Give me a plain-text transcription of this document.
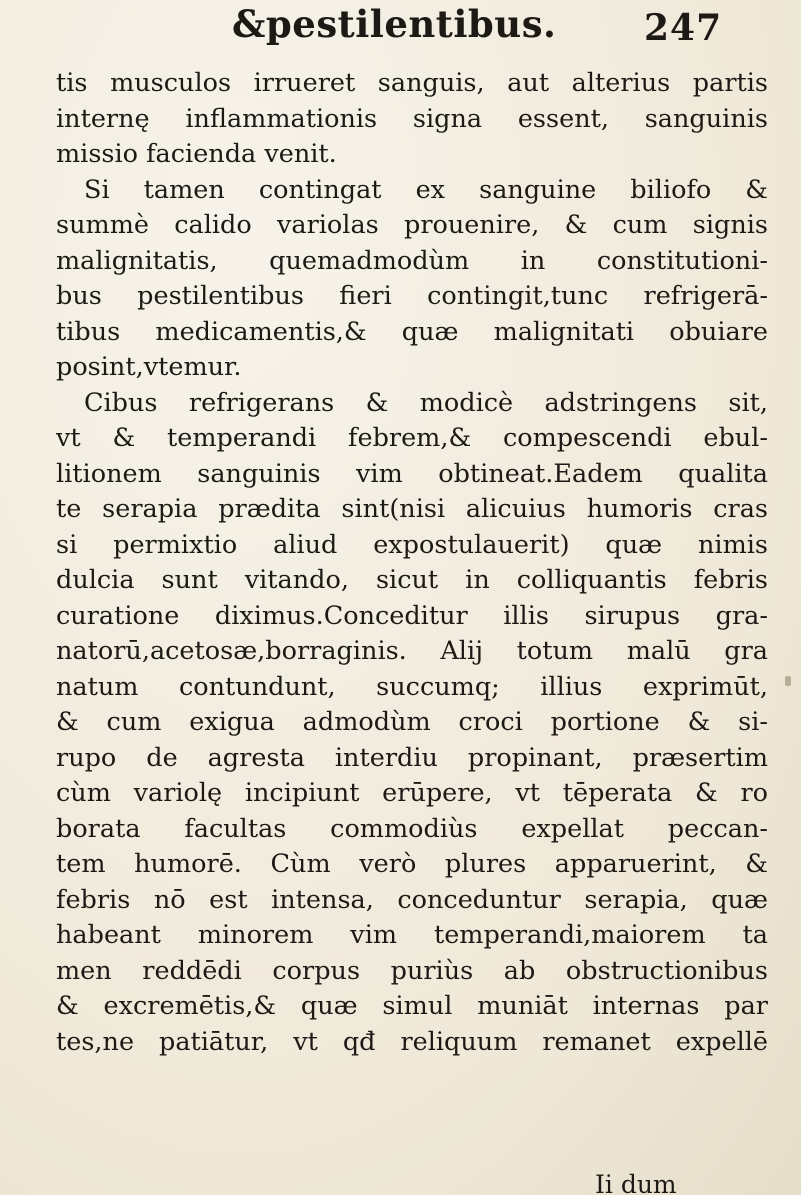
&pestilentibus. 247
tis musculos irrueret sanguis, aut alterius partis
internę inflammationis signa essent, sanguinis
missio facienda venit.
Si tamen contingat ex sanguine biliofo &
summè calido variolas prouenire, & cum signis
malignitatis, quemadmodùm in constitutioni-
bus pestilentibus fieri contingit,tunc refrigerā-
tibus medicamentis,& quæ malignitati obuiare
posint,vtemur.
Cibus refrigerans & modicè adstringens sit,
vt & temperandi febrem,& compescendi ebul-
litionem sanguinis vim obtineat.Eadem qualita
te serapia prædita sint(nisi alicuius humoris cras
si permixtio aliud expostulauerit) quæ nimis
dulcia sunt vitando, sicut in colliquantis febris
curatione diximus.Conceditur illis sirupus gra-
natorū,acetosæ,borraginis. Alij totum malū gra
natum contundunt, succumq; illius exprimūt,
& cum exigua admodùm croci portione & si-
rupo de agresta interdiu propinant, præsertim
cùm variolę incipiunt erūpere, vt tēperata & ro
borata facultas commodiùs expellat peccan-
tem humorē. Cùm verò plures apparuerint, &
febris nō est intensa, conceduntur serapia, quæ
habeant minorem vim temperandi,maiorem ta
men reddēdi corpus puriùs ab obstructionibus
& excremētis,& quæ simul muniāt internas par
tes,ne patiātur, vt qđ reliquum remanet expellē
Ii dum
